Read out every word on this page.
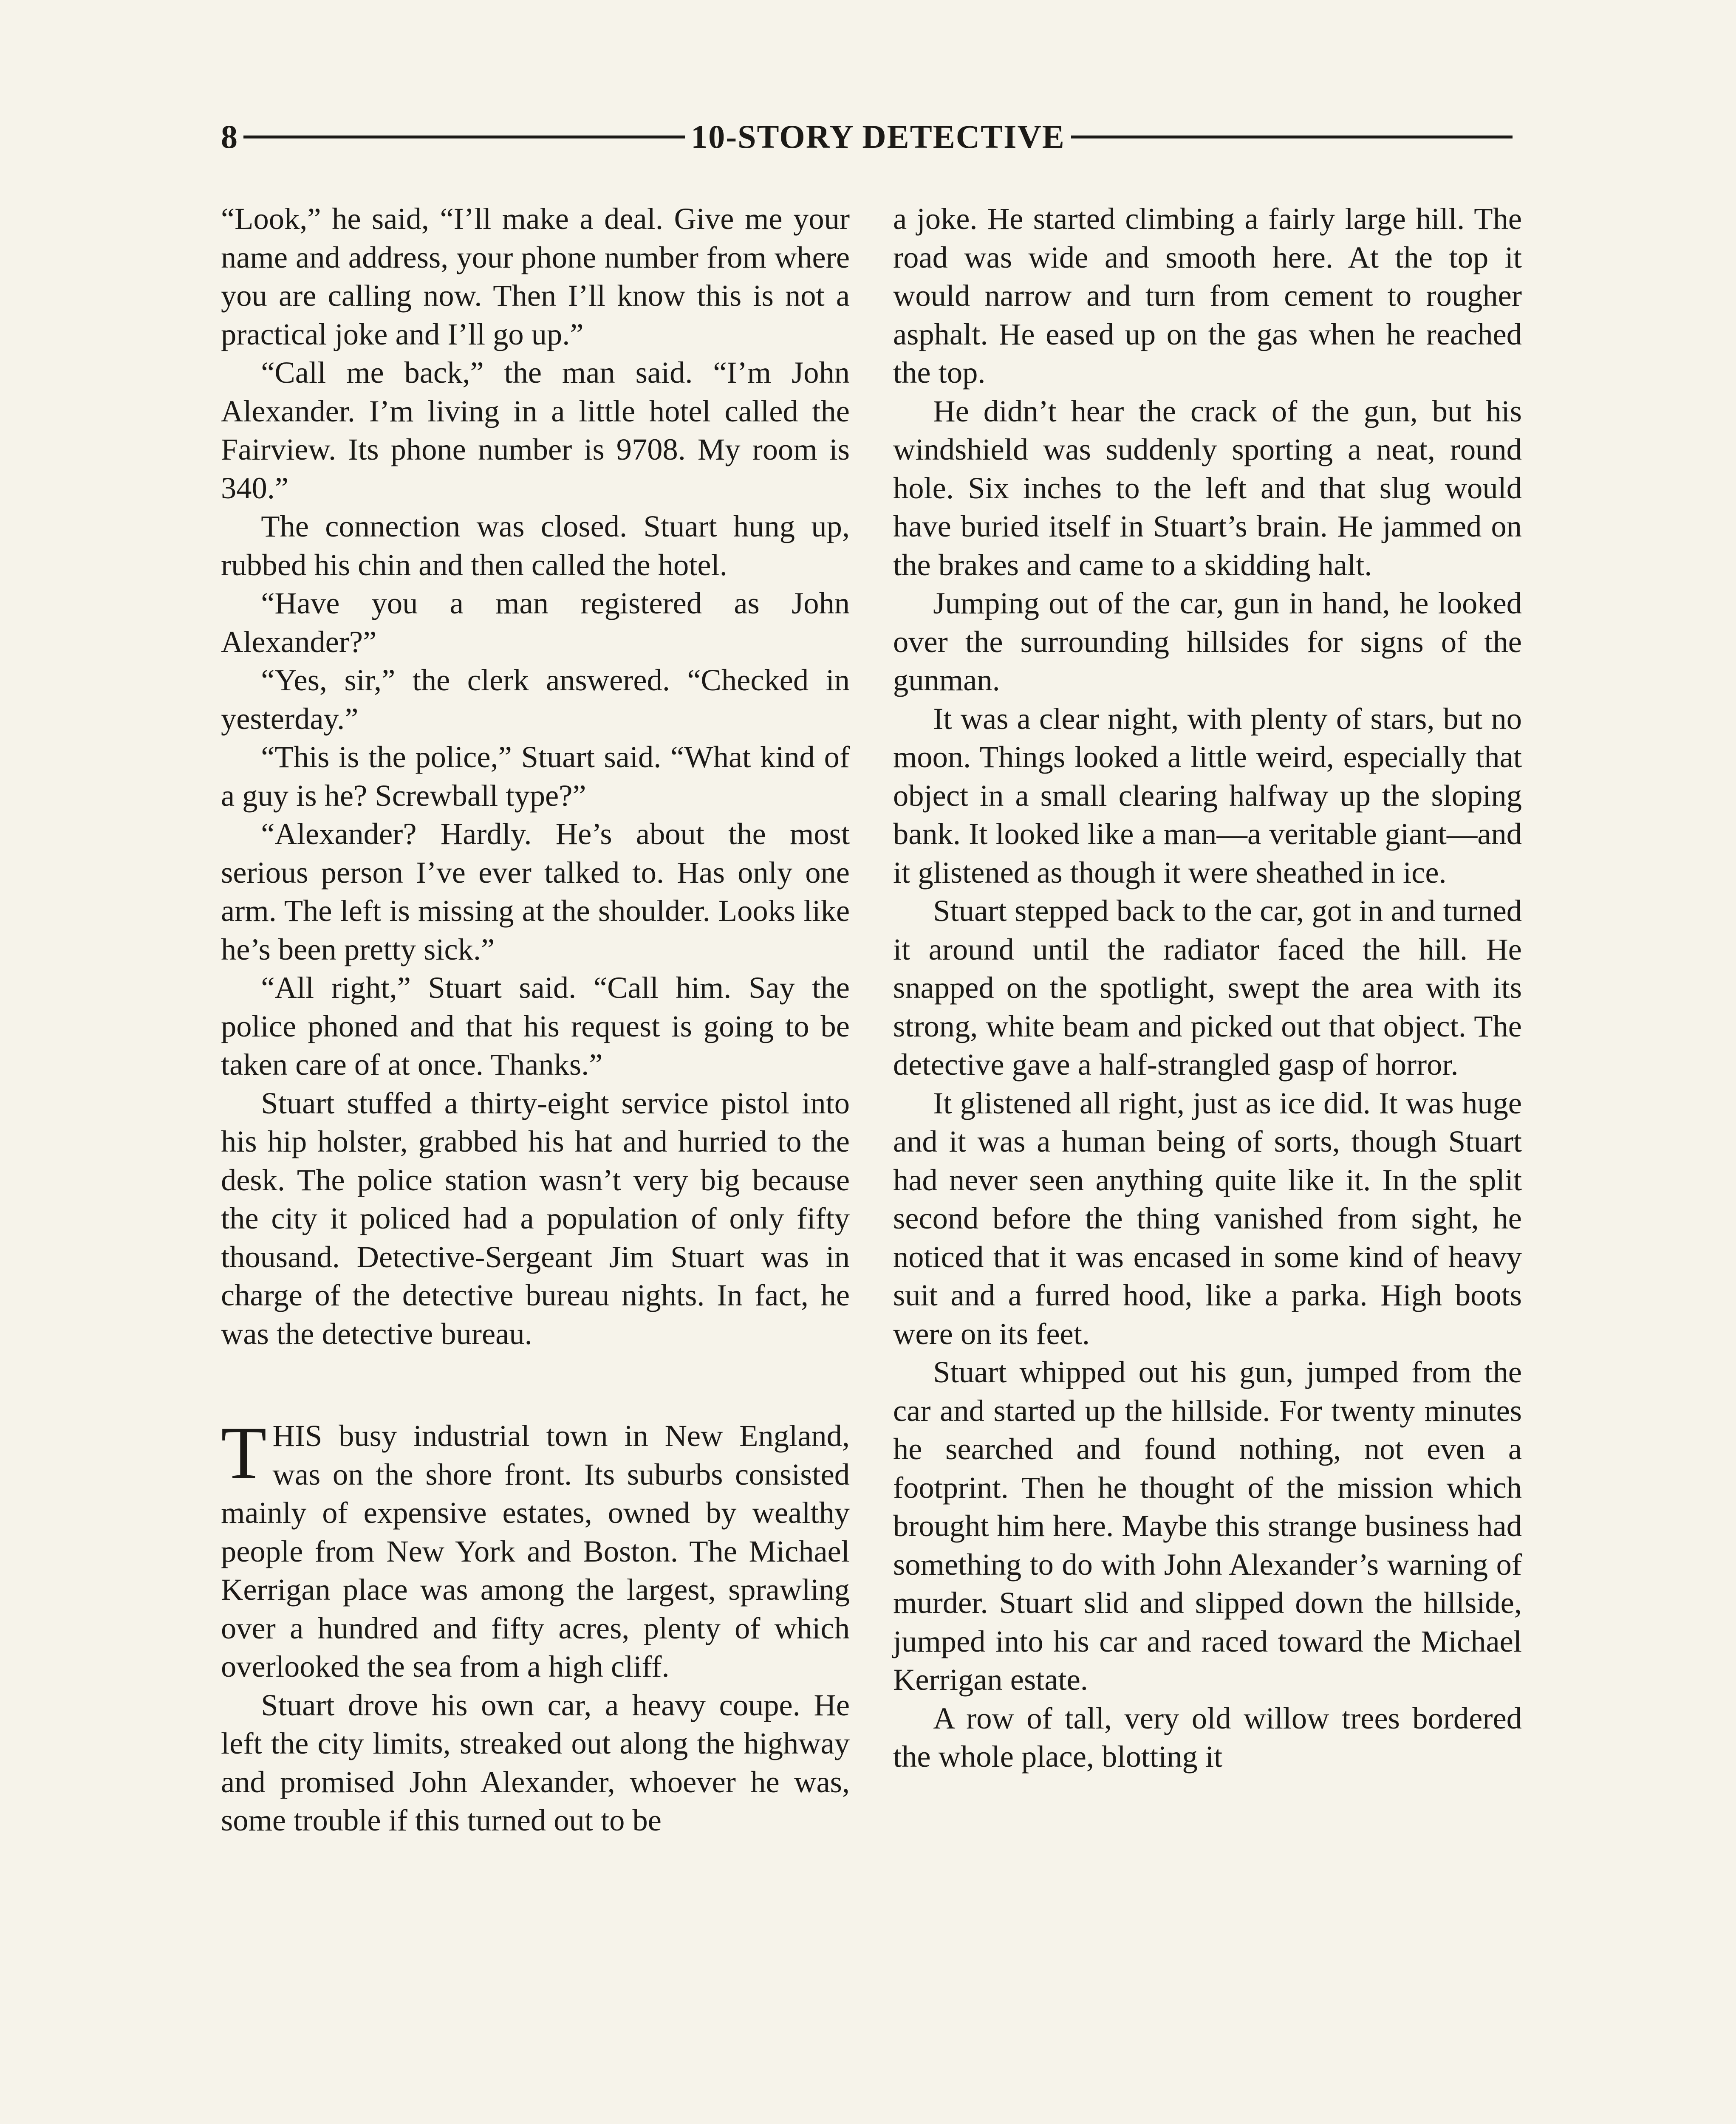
8	10-STORY DETECTIVE

“Look,” he said, “I’ll make a deal. Give me your name and address, your phone number from where you are calling now. Then I’ll know this is not a practical joke and I’ll go up.”

“Call me back,” the man said. “I’m John Alexander. I’m living in a little hotel called the Fairview. Its phone number is 9708. My room is 340.”

The connection was closed. Stuart hung up, rubbed his chin and then called the hotel.

“Have you a man registered as John Alexander?”

“Yes, sir,” the clerk answered. “Checked in yesterday.”

“This is the police,” Stuart said. “What kind of a guy is he? Screwball type?”

“Alexander? Hardly. He’s about the most serious person I’ve ever talked to. Has only one arm. The left is missing at the shoulder. Looks like he’s been pretty sick.”

“All right,” Stuart said. “Call him. Say the police phoned and that his request is going to be taken care of at once. Thanks.”

Stuart stuffed a thirty-eight service pistol into his hip holster, grabbed his hat and hurried to the desk. The police station wasn’t very big because the city it policed had a population of only fifty thousand. Detective-Sergeant Jim Stuart was in charge of the detective bureau nights. In fact, he was the detective bureau.

THIS busy industrial town in New England, was on the shore front. Its suburbs consisted mainly of expensive estates, owned by wealthy people from New York and Boston. The Michael Kerrigan place was among the largest, sprawling over a hundred and fifty acres, plenty of which overlooked the sea from a high cliff.

Stuart drove his own car, a heavy coupe. He left the city limits, streaked out along the highway and promised John Alexander, whoever he was, some trouble if this turned out to be

a joke. He started climbing a fairly large hill. The road was wide and smooth here. At the top it would narrow and turn from cement to rougher asphalt. He eased up on the gas when he reached the top.

He didn’t hear the crack of the gun, but his windshield was suddenly sporting a neat, round hole. Six inches to the left and that slug would have buried itself in Stuart’s brain. He jammed on the brakes and came to a skidding halt.

Jumping out of the car, gun in hand, he looked over the surrounding hillsides for signs of the gunman.

It was a clear night, with plenty of stars, but no moon. Things looked a little weird, especially that object in a small clearing halfway up the sloping bank. It looked like a man—a veritable giant—and it glistened as though it were sheathed in ice.

Stuart stepped back to the car, got in and turned it around until the radiator faced the hill. He snapped on the spotlight, swept the area with its strong, white beam and picked out that object. The detective gave a half-strangled gasp of horror.

It glistened all right, just as ice did. It was huge and it was a human being of sorts, though Stuart had never seen anything quite like it. In the split second before the thing vanished from sight, he noticed that it was encased in some kind of heavy suit and a furred hood, like a parka. High boots were on its feet.

Stuart whipped out his gun, jumped from the car and started up the hillside. For twenty minutes he searched and found nothing, not even a footprint. Then he thought of the mission which brought him here. Maybe this strange business had something to do with John Alexander’s warning of murder. Stuart slid and slipped down the hillside, jumped into his car and raced toward the Michael Kerrigan estate.

A row of tall, very old willow trees bordered the whole place, blotting it
